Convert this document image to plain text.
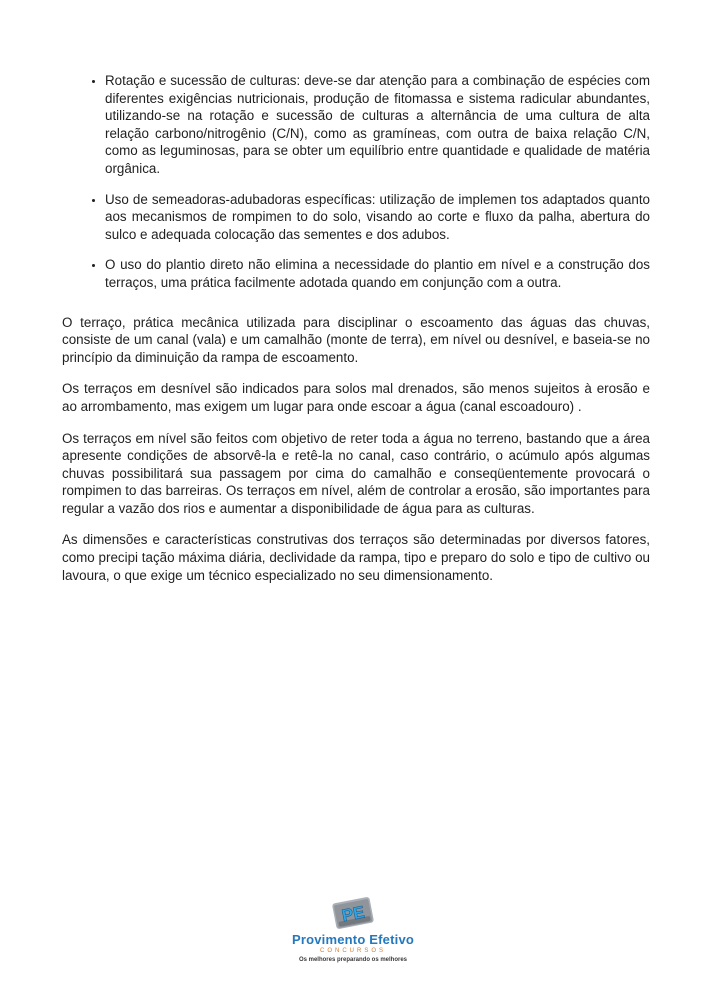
• Rotação e sucessão de culturas: deve-se dar atenção para a combinação de espécies com diferentes exigências nutricionais, produção de fitomassa e sistema radicular abundantes, utilizando-se na rotação e sucessão de culturas a alternância de uma cultura de alta relação carbono/nitrogênio (C/N), como as gramíneas, com outra de baixa relação C/N, como as leguminosas, para se obter um equilíbrio entre quantidade e qualidade de matéria orgânica.
• Uso de semeadoras-adubadoras específicas: utilização de implemen tos adaptados quanto aos mecanismos de rompimen to do solo, visando ao corte e fluxo da palha, abertura do sulco e adequada colocação das sementes e dos adubos.
• O uso do plantio direto não elimina a necessidade do plantio em nível e a construção dos terraços, uma prática facilmente adotada quando em conjunção com a outra.

O terraço, prática mecânica utilizada para disciplinar o escoamento das águas das chuvas, consiste de um canal (vala) e um camalhão (monte de terra), em nível ou desnível, e baseia-se no princípio da diminuição da rampa de escoamento.

Os terraços em desnível são indicados para solos mal drenados, são menos sujeitos à erosão e ao arrombamento, mas exigem um lugar para onde escoar a água (canal escoadouro) .

Os terraços em nível são feitos com objetivo de reter toda a água no terreno, bastando que a área apresente condições de absorvê-la e retê-la no canal, caso contrário, o acúmulo após algumas chuvas possibilitará sua passagem por cima do camalhão e conseqüentemente provocará o rompimen to das barreiras. Os terraços em nível, além de controlar a erosão, são importantes para regular a vazão dos rios e aumentar a disponibilidade de água para as culturas.

As dimensões e características construtivas dos terraços são determinadas por diversos fatores, como precipi tação máxima diária, declividade da rampa, tipo e preparo do solo e tipo de cultivo ou lavoura, o que exige um técnico especializado no seu dimensionamento.

PE
Provimento Efetivo
CONCURSOS
Os melhores preparando os melhores
